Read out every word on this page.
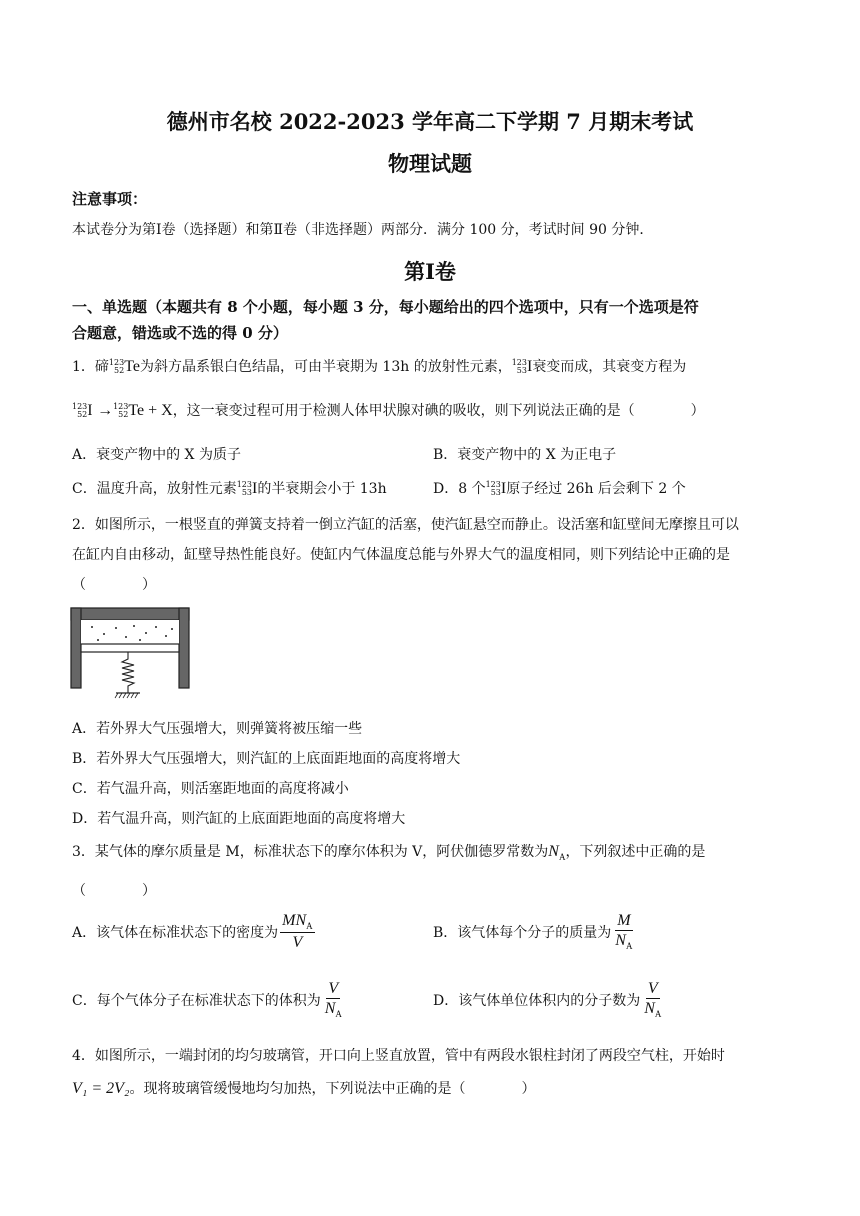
德州市名校 2022-2023 学年高二下学期 7 月期末考试
物理试题
注意事项：
本试卷分为第Ⅰ卷（选择题）和第Ⅱ卷（非选择题）两部分．满分 100 分，考试时间 90 分钟．
第Ⅰ卷
一、单选题（本题共有 8 个小题，每小题 3 分，每小题给出的四个选项中，只有一个选项是符
合题意，错选或不选的得 0 分）
1．碲 123
52 Te为斜方晶系银白色结晶，可由半衰期为 13h 的放射性元素， 123
53 I衰变而成，其衰变方程为
123
52 I → 123
52 Te + X，这一衰变过程可用于检测人体甲状腺对碘的吸收，则下列说法正确的是（　　　　）
A．衰变产物中的 X 为质子	B．衰变产物中的 X 为正电子
C．温度升高，放射性元素 123
53 I的半衰期会小于 13h	D．8 个 123
53 I原子经过 26h 后会剩下 2 个
2．如图所示，一根竖直的弹簧支持着一倒立汽缸的活塞，使汽缸悬空而静止。设活塞和缸壁间无摩擦且可以
在缸内自由移动，缸壁导热性能良好。使缸内气体温度总能与外界大气的温度相同，则下列结论中正确的是
（　　　　）
A．若外界大气压强增大，则弹簧将被压缩一些
B．若外界大气压强增大，则汽缸的上底面距地面的高度将增大
C．若气温升高，则活塞距地面的高度将减小
D．若气温升高，则汽缸的上底面距地面的高度将增大
3．某气体的摩尔质量是 M，标准状态下的摩尔体积为 V，阿伏伽德罗常数为$N_A$，下列叙述中正确的是
（　　　　）
A．该气体在标准状态下的密度为 $\frac{MN_A}{V}$	B．该气体每个分子的质量为 $\frac{M}{N_A}$
C．每个气体分子在标准状态下的体积为 $\frac{V}{N_A}$	D．该气体单位体积内的分子数为 $\frac{V}{N_A}$
4．如图所示，一端封闭的均匀玻璃管，开口向上竖直放置，管中有两段水银柱封闭了两段空气柱，开始时
V₁ = 2V₂。现将玻璃管缓慢地均匀加热，下列说法中正确的是（　　　　）
